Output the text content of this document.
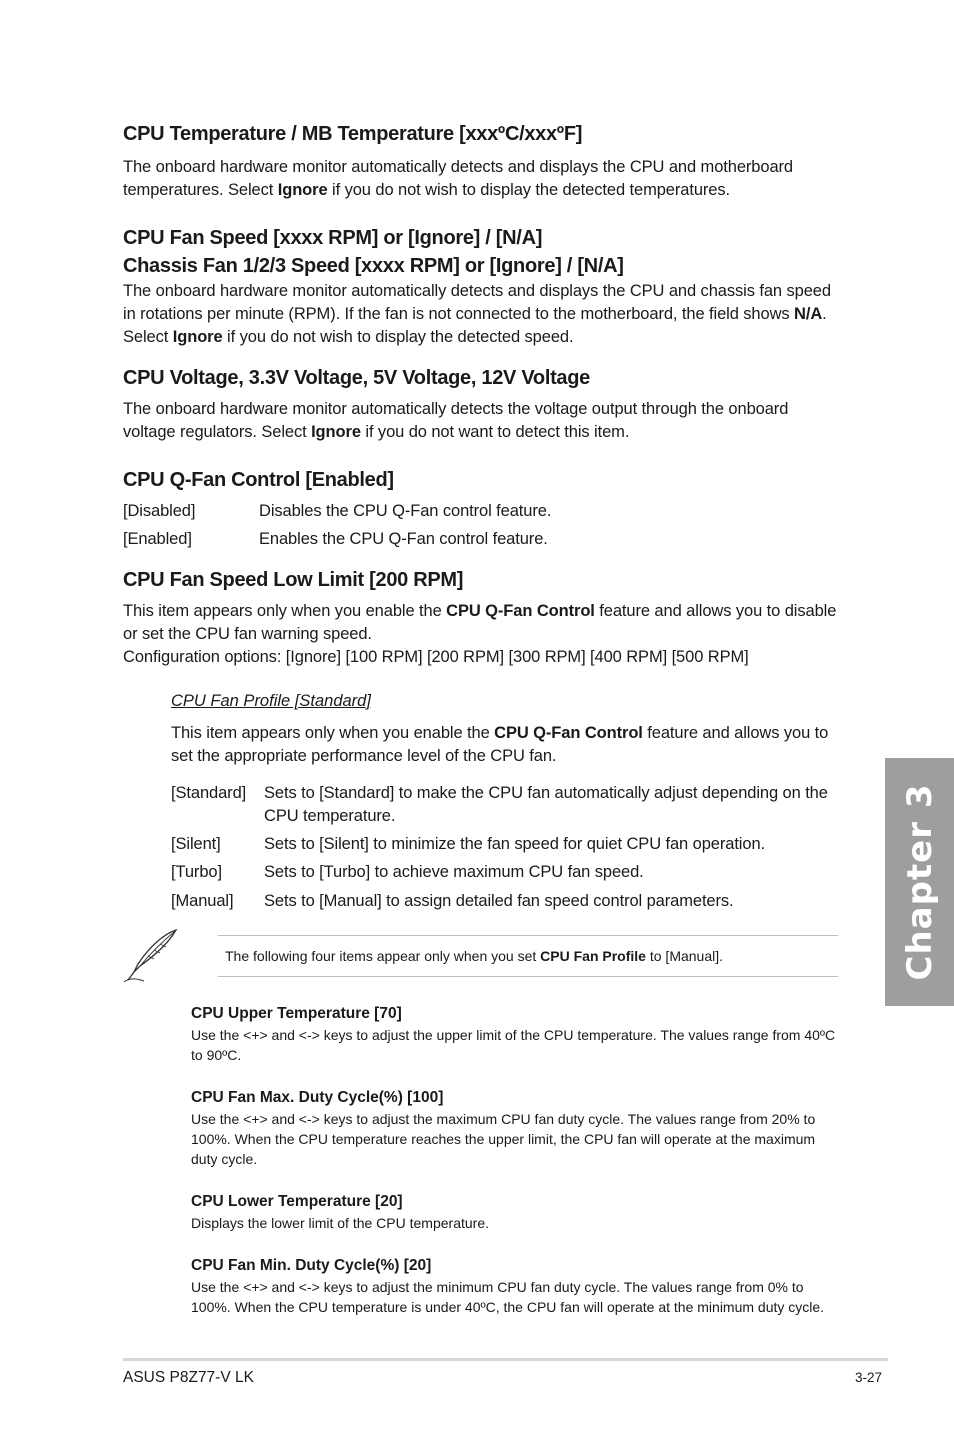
CPU Temperature / MB Temperature [xxxºC/xxxºF]

The onboard hardware monitor automatically detects and displays the CPU and motherboard temperatures. Select Ignore if you do not wish to display the detected temperatures.

CPU Fan Speed [xxxx RPM] or [Ignore] / [N/A]
Chassis Fan 1/2/3 Speed [xxxx RPM] or [Ignore] / [N/A]

The onboard hardware monitor automatically detects and displays the CPU and chassis fan speed in rotations per minute (RPM). If the fan is not connected to the motherboard, the field shows N/A. Select Ignore if you do not wish to display the detected speed.

CPU Voltage, 3.3V Voltage, 5V Voltage, 12V Voltage

The onboard hardware monitor automatically detects the voltage output through the onboard voltage regulators. Select Ignore if you do not want to detect this item.

CPU Q-Fan Control [Enabled]
[Disabled]	Disables the CPU Q-Fan control feature.
[Enabled]	Enables the CPU Q-Fan control feature.
CPU Fan Speed Low Limit [200 RPM]

This item appears only when you enable the CPU Q-Fan Control feature and allows you to disable or set the CPU fan warning speed.

Configuration options: [Ignore] [100 RPM] [200 RPM] [300 RPM] [400 RPM] [500 RPM]

CPU Fan Profile [Standard]

This item appears only when you enable the CPU Q-Fan Control feature and allows you to set the appropriate performance level of the CPU fan.

[Standard] Sets to [Standard] to make the CPU fan automatically adjust depending on the CPU temperature.
[Silent]	Sets to [Silent] to minimize the fan speed for quiet CPU fan operation.
[Turbo]	Sets to [Turbo] to achieve maximum CPU fan speed.
[Manual] Sets to [Manual] to assign detailed fan speed control parameters.
The following four items appear only when you set CPU Fan Profile to [Manual].
CPU Upper Temperature [70]

Use the <+> and <-> keys to adjust the upper limit of the CPU temperature. The values range from 40ºC to 90ºC.

CPU Fan Max. Duty Cycle(%) [100]

Use the <+> and <-> keys to adjust the maximum CPU fan duty cycle. The values range from 20% to 100%. When the CPU temperature reaches the upper limit, the CPU fan will operate at the maximum duty cycle.

CPU Lower Temperature [20]

Displays the lower limit of the CPU temperature.

CPU Fan Min. Duty Cycle(%) [20]

Use the <+> and <-> keys to adjust the minimum CPU fan duty cycle. The values range from 0% to 100%. When the CPU temperature is under 40ºC, the CPU fan will operate at the minimum duty cycle.

Chapter 3
ASUS P8Z77-V LK	3-27
